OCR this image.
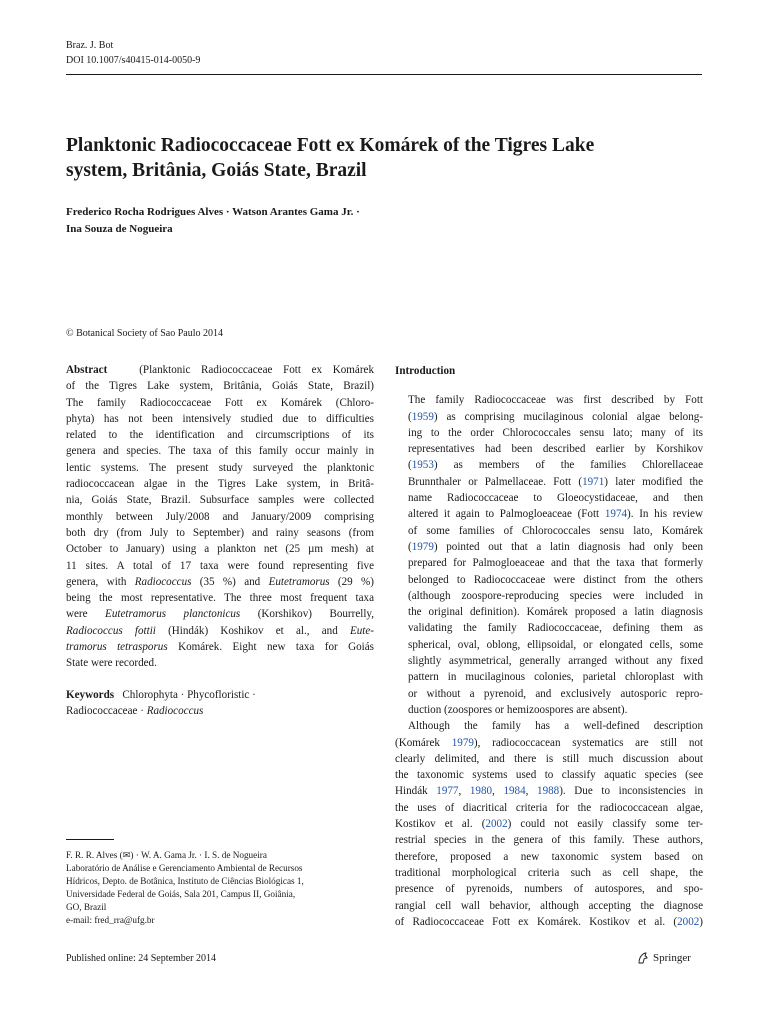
Braz. J. Bot
DOI 10.1007/s40415-014-0050-9
Planktonic Radiococcaceae Fott ex Komárek of the Tigres Lake
system, Britânia, Goiás State, Brazil
Frederico Rocha Rodrigues Alves · Watson Arantes Gama Jr. ·
Ina Souza de Nogueira
© Botanical Society of Sao Paulo 2014
Abstract	(Planktonic Radiococcaceae Fott ex Komárek
of the Tigres Lake system, Britânia, Goiás State, Brazil)
The family Radiococcaceae Fott ex Komárek (Chloro-
phyta) has not been intensively studied due to difficulties
related to the identification and circumscriptions of its
genera and species. The taxa of this family occur mainly in
lentic systems. The present study surveyed the planktonic
radiococcacean algae in the Tigres Lake system, in Britâ-
nia, Goiás State, Brazil. Subsurface samples were collected
monthly between July/2008 and January/2009 comprising
both dry (from July to September) and rainy seasons (from
October to January) using a plankton net (25 µm mesh) at
11 sites. A total of 17 taxa were found representing five
genera, with Radiococcus (35 %) and Eutetramorus (29 %)
being the most representative. The three most frequent taxa
were Eutetramorus planctonicus (Korshikov) Bourrelly,
Radiococcus fottii (Hindák) Koshikov et al., and Eute-
tramorus tetrasporus Komárek. Eight new taxa for Goiás
State were recorded.
Keywords Chlorophyta · Phycofloristic ·
Radiococcaceae · Radiococcus
F. R. R. Alves (✉) · W. A. Gama Jr. · I. S. de Nogueira
Laboratório de Análise e Gerenciamento Ambiental de Recursos
Hídricos, Depto. de Botânica, Instituto de Ciências Biológicas 1,
Universidade Federal de Goiás, Sala 201, Campus II, Goiânia,
GO, Brazil
e-mail: fred_rra@ufg.br
Introduction
The family Radiococcaceae was first described by Fott
(1959) as comprising mucilaginous colonial algae belong-
ing to the order Chlorococcales sensu lato; many of its
representatives had been described earlier by Korshikov
(1953) as members of the families Chlorellaceae
Brunnthaler or Palmellaceae. Fott (1971) later modified the
name Radiococcaceae to Gloeocystidaceae, and then
altered it again to Palmogloeaceae (Fott 1974). In his review
of some families of Chlorococcales sensu lato, Komárek
(1979) pointed out that a latin diagnosis had only been
prepared for Palmogloeaceae and that the taxa that formerly
belonged to Radiococcaceae were distinct from the others
(although zoospore-reproducing species were included in
the original definition). Komárek proposed a latin diagnosis
validating the family Radiococcaceae, defining them as
spherical, oval, oblong, ellipsoidal, or elongated cells, some
slightly asymmetrical, generally arranged without any fixed
pattern in mucilaginous colonies, parietal chloroplast with
or without a pyrenoid, and exclusively autosporic repro-
duction (zoospores or hemizoospores are absent).
Although the family has a well-defined description
(Komárek 1979), radiococcacean systematics are still not
clearly delimited, and there is still much discussion about
the taxonomic systems used to classify aquatic species (see
Hindák 1977, 1980, 1984, 1988). Due to inconsistencies in
the uses of diacritical criteria for the radiococcacean algae,
Kostikov et al. (2002) could not easily classify some ter-
restrial species in the genera of this family. These authors,
therefore, proposed a new taxonomic system based on
traditional morphological criteria such as cell shape, the
presence of pyrenoids, numbers of autospores, and spo-
rangial cell wall behavior, although accepting the diagnose
of Radiococcaceae Fott ex Komárek. Kostikov et al. (2002)
Published online: 24 September 2014	Springer
